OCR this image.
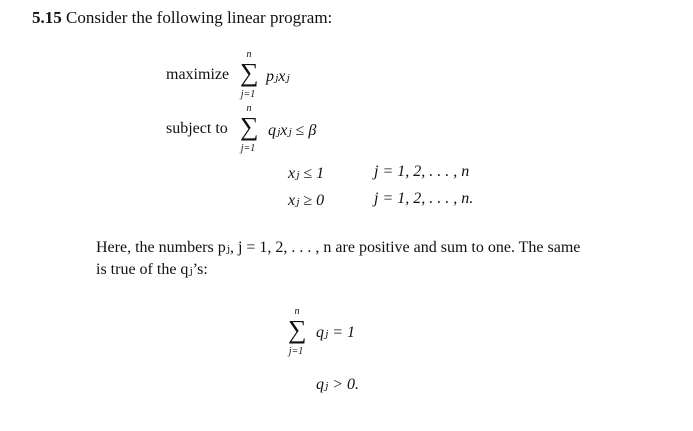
5.15 Consider the following linear program:
maximize
n
∑
j=1
pⱼxⱼ
subject to
n
∑
j=1
qⱼxⱼ ≤ β
xⱼ ≤ 1	j = 1, 2, . . . , n
xⱼ ≥ 0	j = 1, 2, . . . , n.
Here, the numbers pⱼ, j = 1, 2, . . . , n are positive and sum to one. The same
is true of the qⱼ’s:
n
∑
j=1
qⱼ = 1
qⱼ > 0.
